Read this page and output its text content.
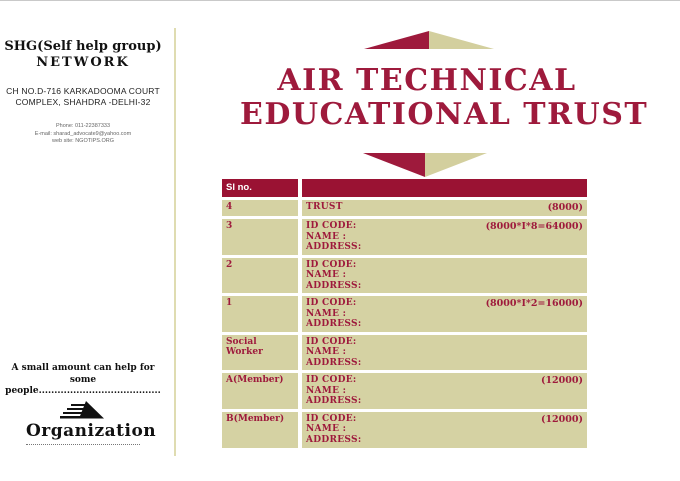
SHG(Self help group)
NETWORK
CH NO.D-716 KARKADOOMA COURT
COMPLEX, SHAHDRA -DELHI-32
Phone: 011-22387333
E-mail: sharad_advocate9@yahoo.com
web site: NGOTIPS.ORG
A small amount can help for some
people.......................................
Organization
AIR TECHNICAL
EDUCATIONAL TRUST
Sl no.	
4	TRUST (8000)

3	ID CODE:
NAME :
ADDRESS:
(8000*I*8=64000)

2	ID CODE:
NAME :
ADDRESS:

1	ID CODE:
NAME :
ADDRESS:
(8000*I*2=16000)

Social Worker	ID CODE:
NAME :
ADDRESS:

A(Member)	ID CODE:
NAME :
ADDRESS:
(12000)

B(Member)	ID CODE:
NAME :
ADDRESS:
(12000)
